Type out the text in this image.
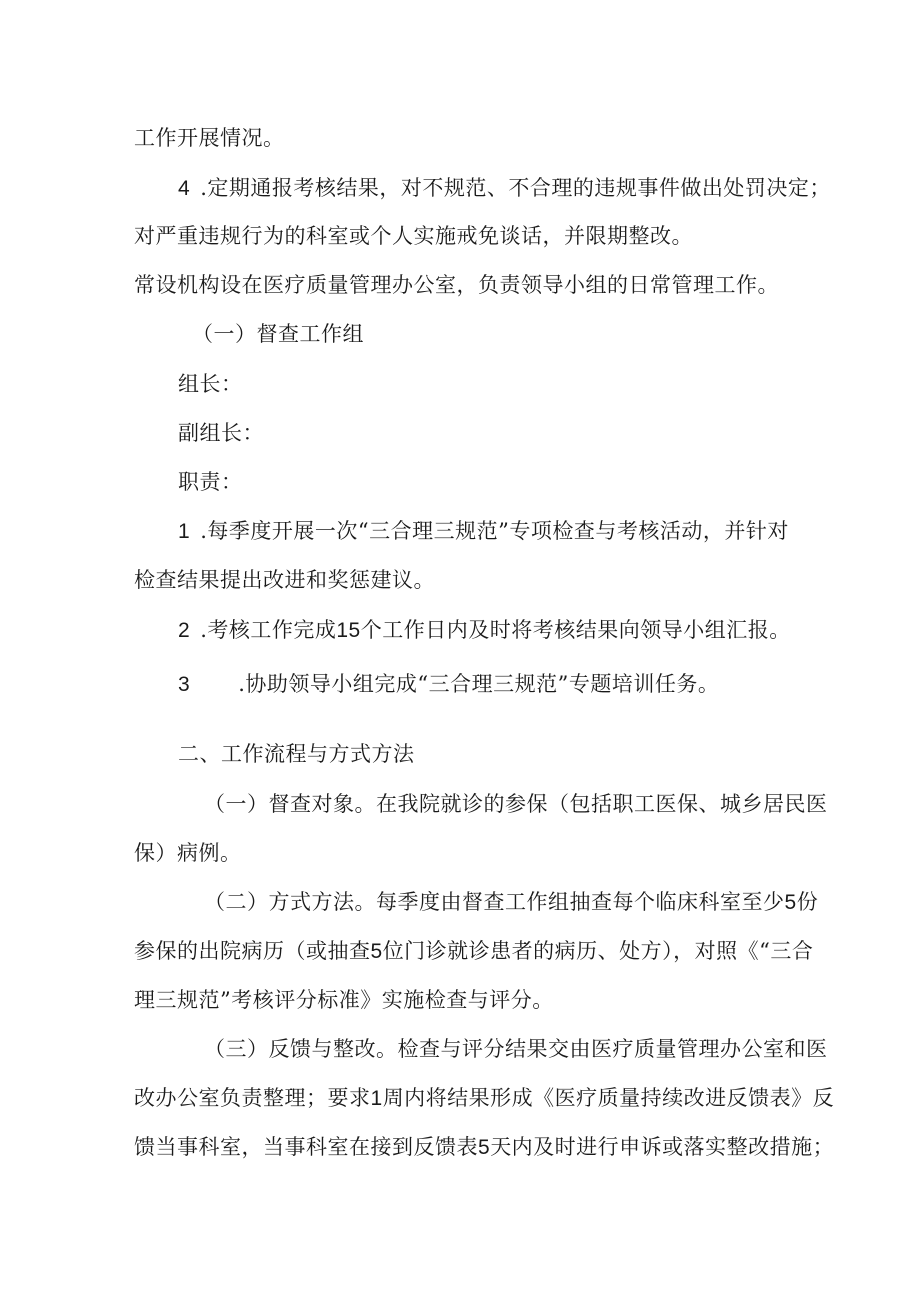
工作开展情况。
4 .定期通报考核结果，对不规范、不合理的违规事件做出处罚决定；
对严重违规行为的科室或个人实施戒免谈话，并限期整改。
常设机构设在医疗质量管理办公室，负责领导小组的日常管理工作。
（一）督查工作组
组长：
副组长：
职责：
1 .每季度开展一次“三合理三规范”专项检查与考核活动，并针对
检查结果提出改进和奖惩建议。
2 .考核工作完成15个工作日内及时将考核结果向领导小组汇报。
3 .协助领导小组完成“三合理三规范”专题培训任务。
二、工作流程与方式方法
（一）督查对象。在我院就诊的参保（包括职工医保、城乡居民医
保）病例。
（二）方式方法。每季度由督查工作组抽查每个临床科室至少5份
参保的出院病历（或抽查5位门诊就诊患者的病历、处方），对照《“三合
理三规范”考核评分标准》实施检查与评分。
（三）反馈与整改。检查与评分结果交由医疗质量管理办公室和医
改办公室负责整理；要求1周内将结果形成《医疗质量持续改进反馈表》反
馈当事科室，当事科室在接到反馈表5天内及时进行申诉或落实整改措施；
